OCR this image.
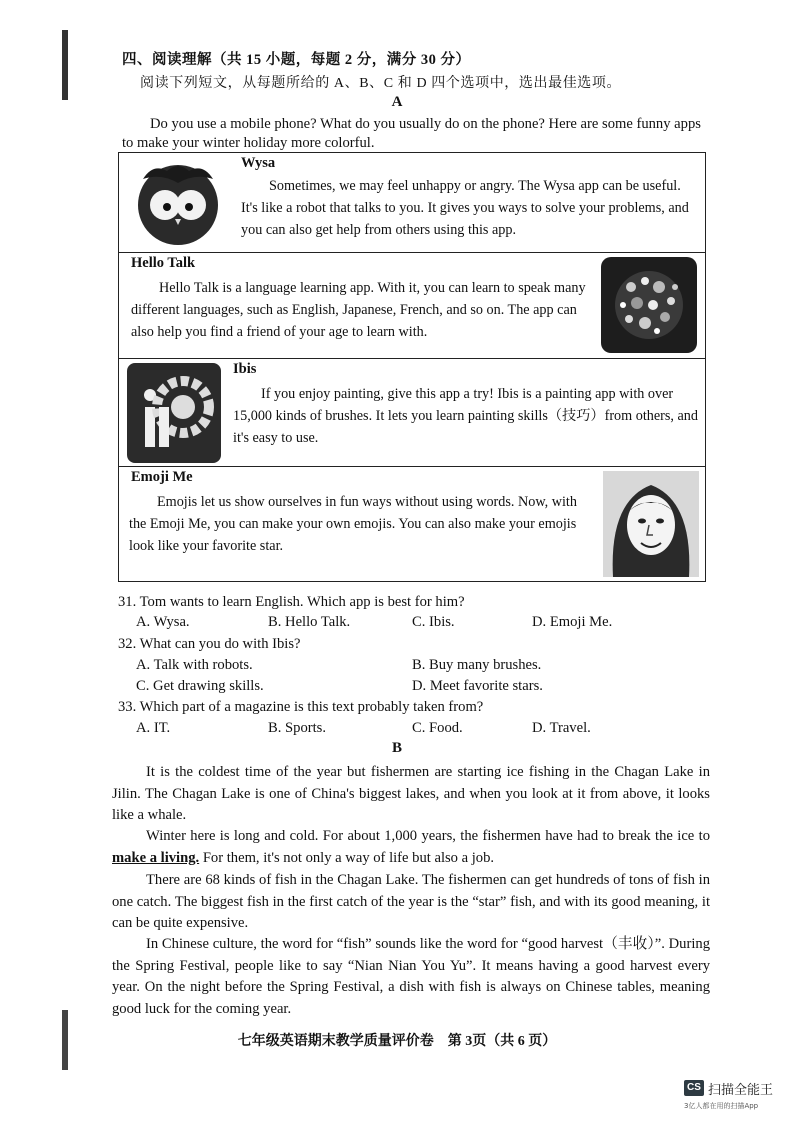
四、阅读理解（共 15 小题，每题 2 分，满分 30 分）
阅读下列短文，从每题所给的 A、B、C 和 D 四个选项中，选出最佳选项。
A
Do you use a mobile phone? What do you usually do on the phone? Here are some funny apps
to make your winter holiday more colorful.
Wysa
Sometimes, we may feel unhappy or angry. The Wysa app can be useful. It's like a robot that talks to you. It gives you ways to solve your problems, and you can also get help from others using this app.
Hello Talk
Hello Talk is a language learning app. With it, you can learn to speak many different languages, such as English, Japanese, French, and so on. The app can also help you find a friend of your age to learn with.
Ibis
If you enjoy painting, give this app a try! Ibis is a painting app with over 15,000 kinds of brushes. It lets you learn painting skills（技巧）from others, and it's easy to use.
Emoji Me
Emojis let us show ourselves in fun ways without using words. Now, with the Emoji Me, you can make your own emojis. You can also make your emojis look like your favorite star.
31. Tom wants to learn English. Which app is best for him?
A. Wysa.	B. Hello Talk.	C. Ibis.	D. Emoji Me.
32. What can you do with Ibis?
A. Talk with robots.	B. Buy many brushes.
C. Get drawing skills.	D. Meet favorite stars.
33. Which part of a magazine is this text probably taken from?
A. IT.	B. Sports.	C. Food.	D. Travel.
B
It is the coldest time of the year but fishermen are starting ice fishing in the Chagan Lake in Jilin. The Chagan Lake is one of China's biggest lakes, and when you look at it from above, it looks like a whale.
Winter here is long and cold. For about 1,000 years, the fishermen have had to break the ice to make a living. For them, it's not only a way of life but also a job.
There are 68 kinds of fish in the Chagan Lake. The fishermen can get hundreds of tons of fish in one catch. The biggest fish in the first catch of the year is the “star” fish, and with its good meaning, it can be quite expensive.
In Chinese culture, the word for “fish” sounds like the word for “good harvest（丰收）”. During the Spring Festival, people like to say “Nian Nian You Yu”. It means having a good harvest every year. On the night before the Spring Festival, a dish with fish is always on Chinese tables, meaning good luck for the coming year.
七年级英语期末教学质量评价卷　第 3页（共 6 页）
CS 扫描全能王
3亿人都在用的扫描App
